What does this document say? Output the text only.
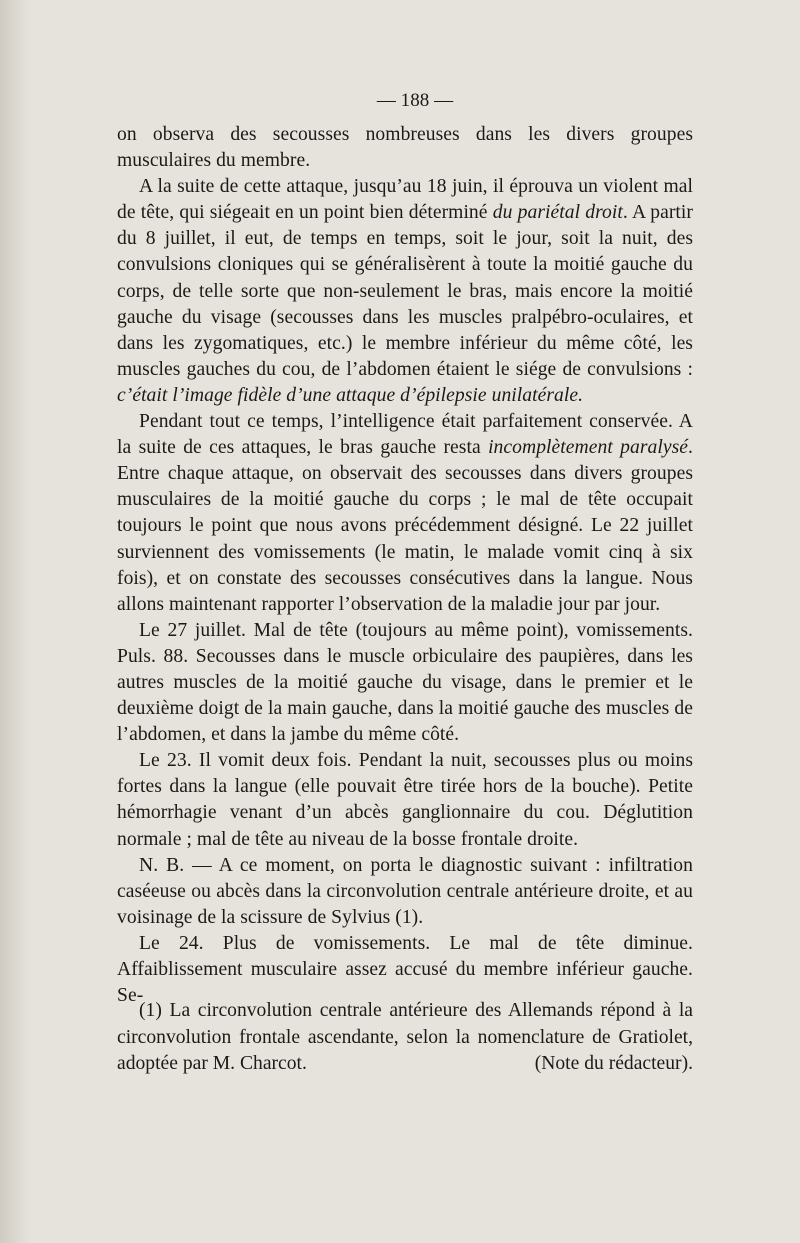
— 188 —

on observa des secousses nombreuses dans les divers groupes musculaires du membre.

A la suite de cette attaque, jusqu’au 18 juin, il éprouva un violent mal de tête, qui siégeait en un point bien déterminé du pariétal droit. A partir du 8 juillet, il eut, de temps en temps, soit le jour, soit la nuit, des convulsions cloniques qui se généralisèrent à toute la moitié gauche du corps, de telle sorte que non-seulement le bras, mais encore la moitié gauche du visage (secousses dans les muscles pralpébro-oculaires, et dans les zygomatiques, etc.) le membre inférieur du même côté, les muscles gauches du cou, de l’abdomen étaient le siége de convulsions : c’était l’image fidèle d’une attaque d’épilepsie unilatérale.

Pendant tout ce temps, l’intelligence était parfaitement conservée. A la suite de ces attaques, le bras gauche resta incomplètement paralysé. Entre chaque attaque, on observait des secousses dans divers groupes musculaires de la moitié gauche du corps ; le mal de tête occupait toujours le point que nous avons précédemment désigné. Le 22 juillet surviennent des vomissements (le matin, le malade vomit cinq à six fois), et on constate des secousses consécutives dans la langue. Nous allons maintenant rapporter l’observation de la maladie jour par jour.

Le 27 juillet. Mal de tête (toujours au même point), vomissements. Puls. 88. Secousses dans le muscle orbiculaire des paupières, dans les autres muscles de la moitié gauche du visage, dans le premier et le deuxième doigt de la main gauche, dans la moitié gauche des muscles de l’abdomen, et dans la jambe du même côté.

Le 23. Il vomit deux fois. Pendant la nuit, secousses plus ou moins fortes dans la langue (elle pouvait être tirée hors de la bouche). Petite hémorrhagie venant d’un abcès ganglionnaire du cou. Déglutition normale ; mal de tête au niveau de la bosse frontale droite.

N. B. — A ce moment, on porta le diagnostic suivant : infiltration caséeuse ou abcès dans la circonvolution centrale antérieure droite, et au voisinage de la scissure de Sylvius (1).

Le 24. Plus de vomissements. Le mal de tête diminue. Affaiblissement musculaire assez accusé du membre inférieur gauche. Se-

(1) La circonvolution centrale antérieure des Allemands répond à la circonvolution frontale ascendante, selon la nomenclature de Gratiolet, adoptée par M. Charcot.	(Note du rédacteur).
